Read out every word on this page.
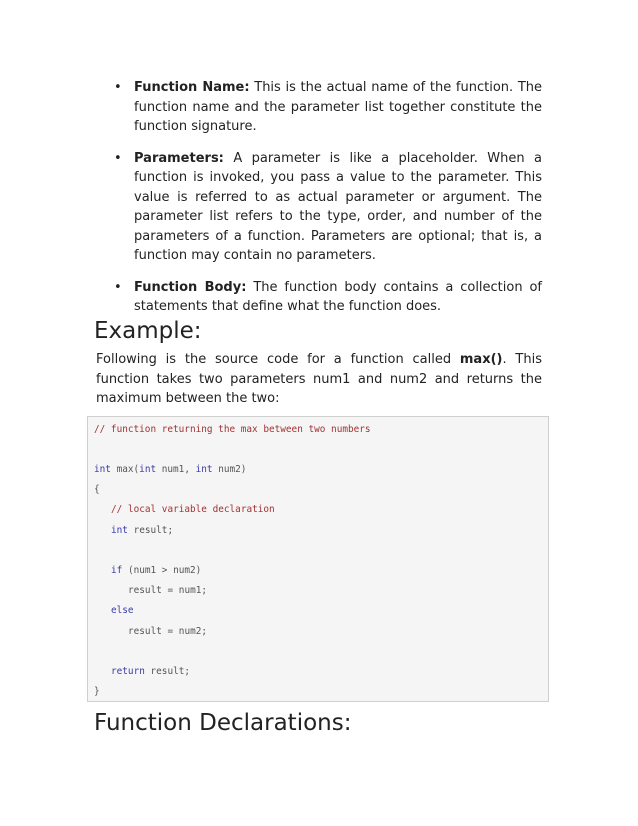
• Function Name: This is the actual name of the function. The function name and the parameter list together constitute the function signature.
• Parameters: A parameter is like a placeholder. When a function is invoked, you pass a value to the parameter. This value is referred to as actual parameter or argument. The parameter list refers to the type, order, and number of the parameters of a function. Parameters are optional; that is, a function may contain no parameters.
• Function Body: The function body contains a collection of statements that define what the function does.
Example:

Following is the source code for a function called max(). This function takes two parameters num1 and num2 and returns the maximum between the two:

// function returning the max between two numbers
int max(int num1, int num2)
{
// local variable declaration
int result;
if (num1 > num2)
result = num1;
else
result = num2;
return result;
}
Function Declarations:
